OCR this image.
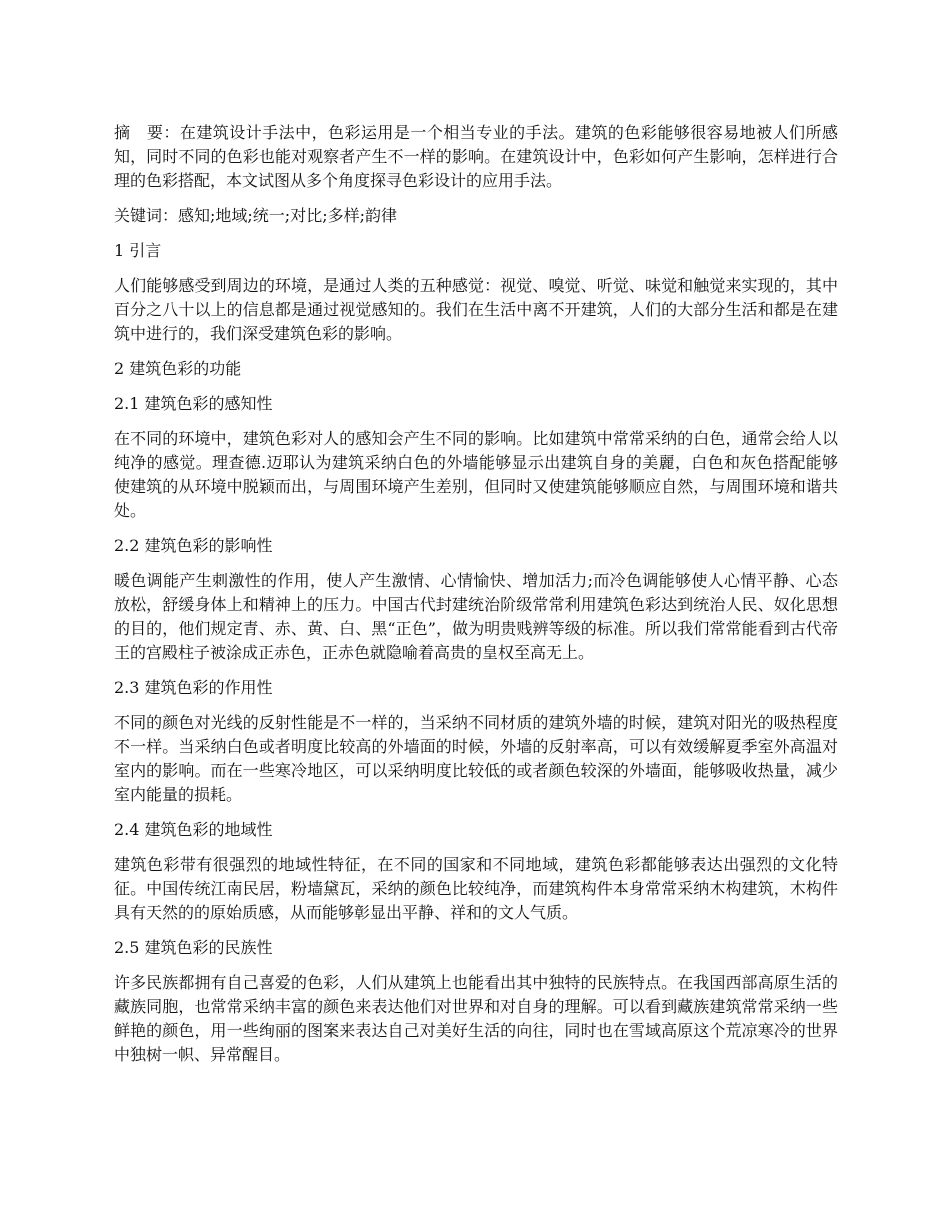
摘　要：在建筑设计手法中，色彩运用是一个相当专业的手法。建筑的色彩能够很容易地被人们所感知，同时不同的色彩也能对观察者产生不一样的影响。在建筑设计中，色彩如何产生影响，怎样进行合理的色彩搭配，本文试图从多个角度探寻色彩设计的应用手法。

关键词：感知;地域;统一;对比;多样;韵律

1 引言

人们能够感受到周边的环境，是通过人类的五种感觉：视觉、嗅觉、听觉、味觉和触觉来实现的，其中百分之八十以上的信息都是通过视觉感知的。我们在生活中离不开建筑，人们的大部分生活和都是在建筑中进行的，我们深受建筑色彩的影响。

2 建筑色彩的功能
2.1 建筑色彩的感知性

在不同的环境中，建筑色彩对人的感知会产生不同的影响。比如建筑中常常采纳的白色，通常会给人以纯净的感觉。理查德.迈耶认为建筑采纳白色的外墙能够显示出建筑自身的美麗，白色和灰色搭配能够使建筑的从环境中脱颖而出，与周围环境产生差别，但同时又使建筑能够顺应自然，与周围环境和谐共处。

2.2 建筑色彩的影响性

暖色调能产生刺激性的作用，使人产生激情、心情愉快、增加活力;而冷色调能够使人心情平静、心态放松，舒缓身体上和精神上的压力。中国古代封建统治阶级常常利用建筑色彩达到统治人民、奴化思想的目的，他们规定青、赤、黄、白、黑“正色”，做为明贵贱辨等级的标准。所以我们常常能看到古代帝王的宫殿柱子被涂成正赤色，正赤色就隐喻着高贵的皇权至高无上。

2.3 建筑色彩的作用性

不同的颜色对光线的反射性能是不一样的，当采纳不同材质的建筑外墙的时候，建筑对阳光的吸热程度不一样。当采纳白色或者明度比较高的外墙面的时候，外墙的反射率高，可以有效缓解夏季室外高温对室内的影响。而在一些寒冷地区，可以采纳明度比较低的或者颜色较深的外墙面，能够吸收热量，减少室内能量的损耗。

2.4 建筑色彩的地域性

建筑色彩带有很强烈的地域性特征，在不同的国家和不同地域，建筑色彩都能够表达出强烈的文化特征。中国传统江南民居，粉墙黛瓦，采纳的颜色比较纯净，而建筑构件本身常常采纳木构建筑，木构件具有天然的的原始质感，从而能够彰显出平静、祥和的文人气质。

2.5 建筑色彩的民族性

许多民族都拥有自己喜爱的色彩，人们从建筑上也能看出其中独特的民族特点。在我国西部高原生活的藏族同胞，也常常采纳丰富的颜色来表达他们对世界和对自身的理解。可以看到藏族建筑常常采纳一些鲜艳的颜色，用一些绚丽的图案来表达自己对美好生活的向往，同时也在雪域高原这个荒凉寒冷的世界中独树一帜、异常醒目。
